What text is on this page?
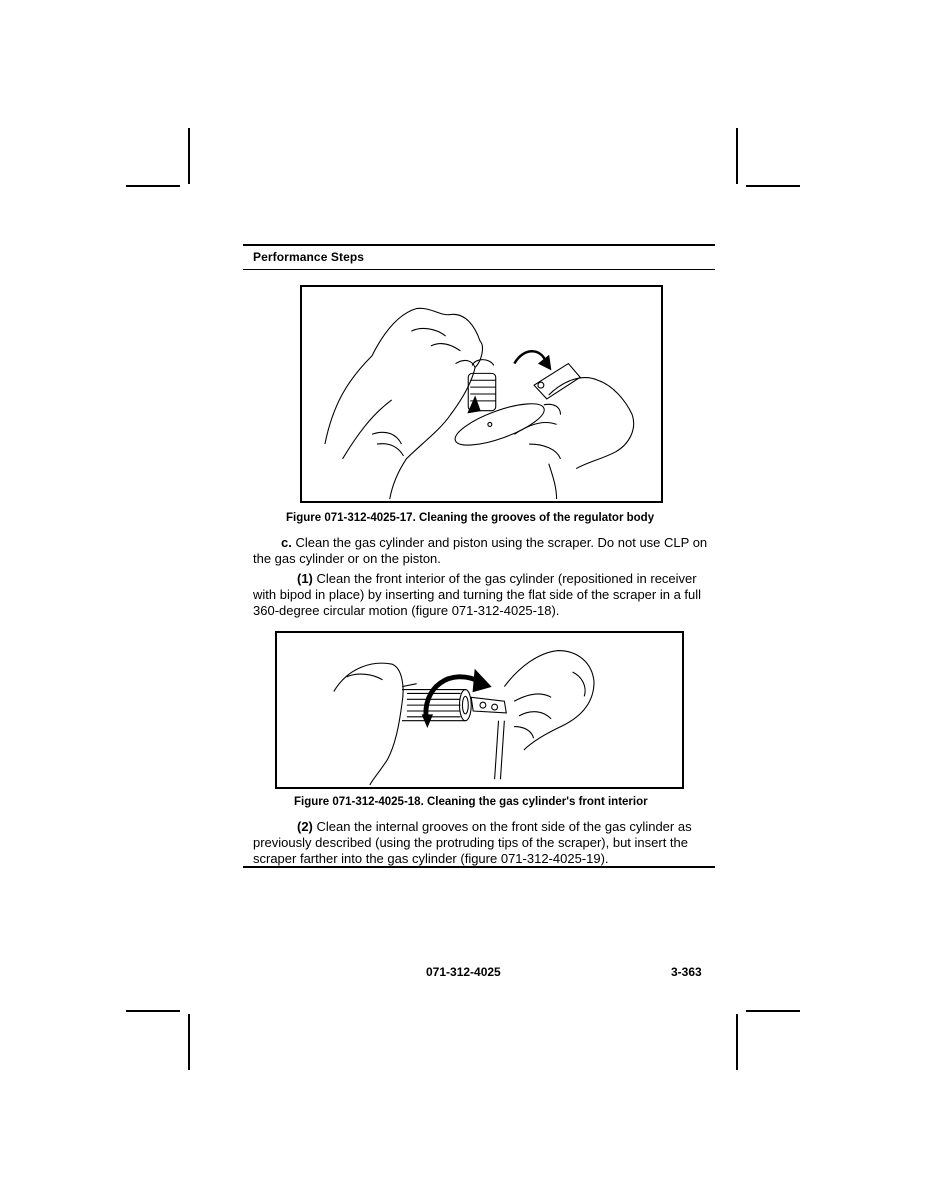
Performance Steps
Figure 071-312-4025-17. Cleaning the grooves of the regulator body

c. Clean the gas cylinder and piston using the scraper. Do not use CLP on the gas cylinder or on the piston.

(1) Clean the front interior of the gas cylinder (repositioned in receiver with bipod in place) by inserting and turning the flat side of the scraper in a full 360-degree circular motion (figure 071-312-4025-18).

Figure 071-312-4025-18. Cleaning the gas cylinder's front interior

(2) Clean the internal grooves on the front side of the gas cylinder as previously described (using the protruding tips of the scraper), but insert the scraper farther into the gas cylinder (figure 071-312-4025-19).

071-312-4025	3-363
